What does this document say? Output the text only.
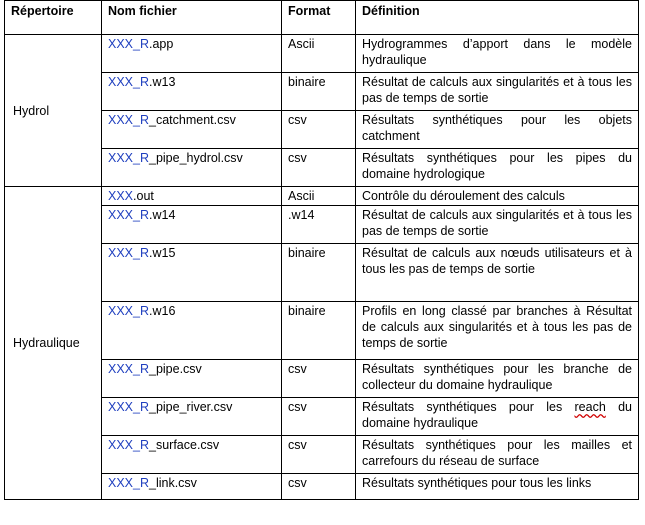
Répertoire	Nom fichier	Format	Définition
Hydrol	XXX_R.app	Ascii	Hydrogrammes d’apport dans le modèle hydraulique
	XXX_R.w13	binaire	Résultat de calculs aux singularités et à tous les pas de temps de sortie
	XXX_R_catchment.csv	csv	Résultats synthétiques pour les objets catchment
	XXX_R_pipe_hydrol.csv	csv	Résultats synthétiques pour les pipes du domaine hydrologique
Hydraulique	XXX.out	Ascii	Contrôle du déroulement des calculs
	XXX_R.w14	.w14	Résultat de calculs aux singularités et à tous les pas de temps de sortie
	XXX_R.w15	binaire	Résultat de calculs aux nœuds utilisateurs et à tous les pas de temps de sortie
	XXX_R.w16	binaire	Profils en long classé par branches à Résultat de calculs aux singularités et à tous les pas de temps de sortie
	XXX_R_pipe.csv	csv	Résultats synthétiques pour les branche de collecteur du domaine hydraulique
	XXX_R_pipe_river.csv	csv	Résultats synthétiques pour les reach du domaine hydraulique
	XXX_R_surface.csv	csv	Résultats synthétiques pour les mailles et carrefours du réseau de surface
	XXX_R_link.csv	csv	Résultats synthétiques pour tous les links
